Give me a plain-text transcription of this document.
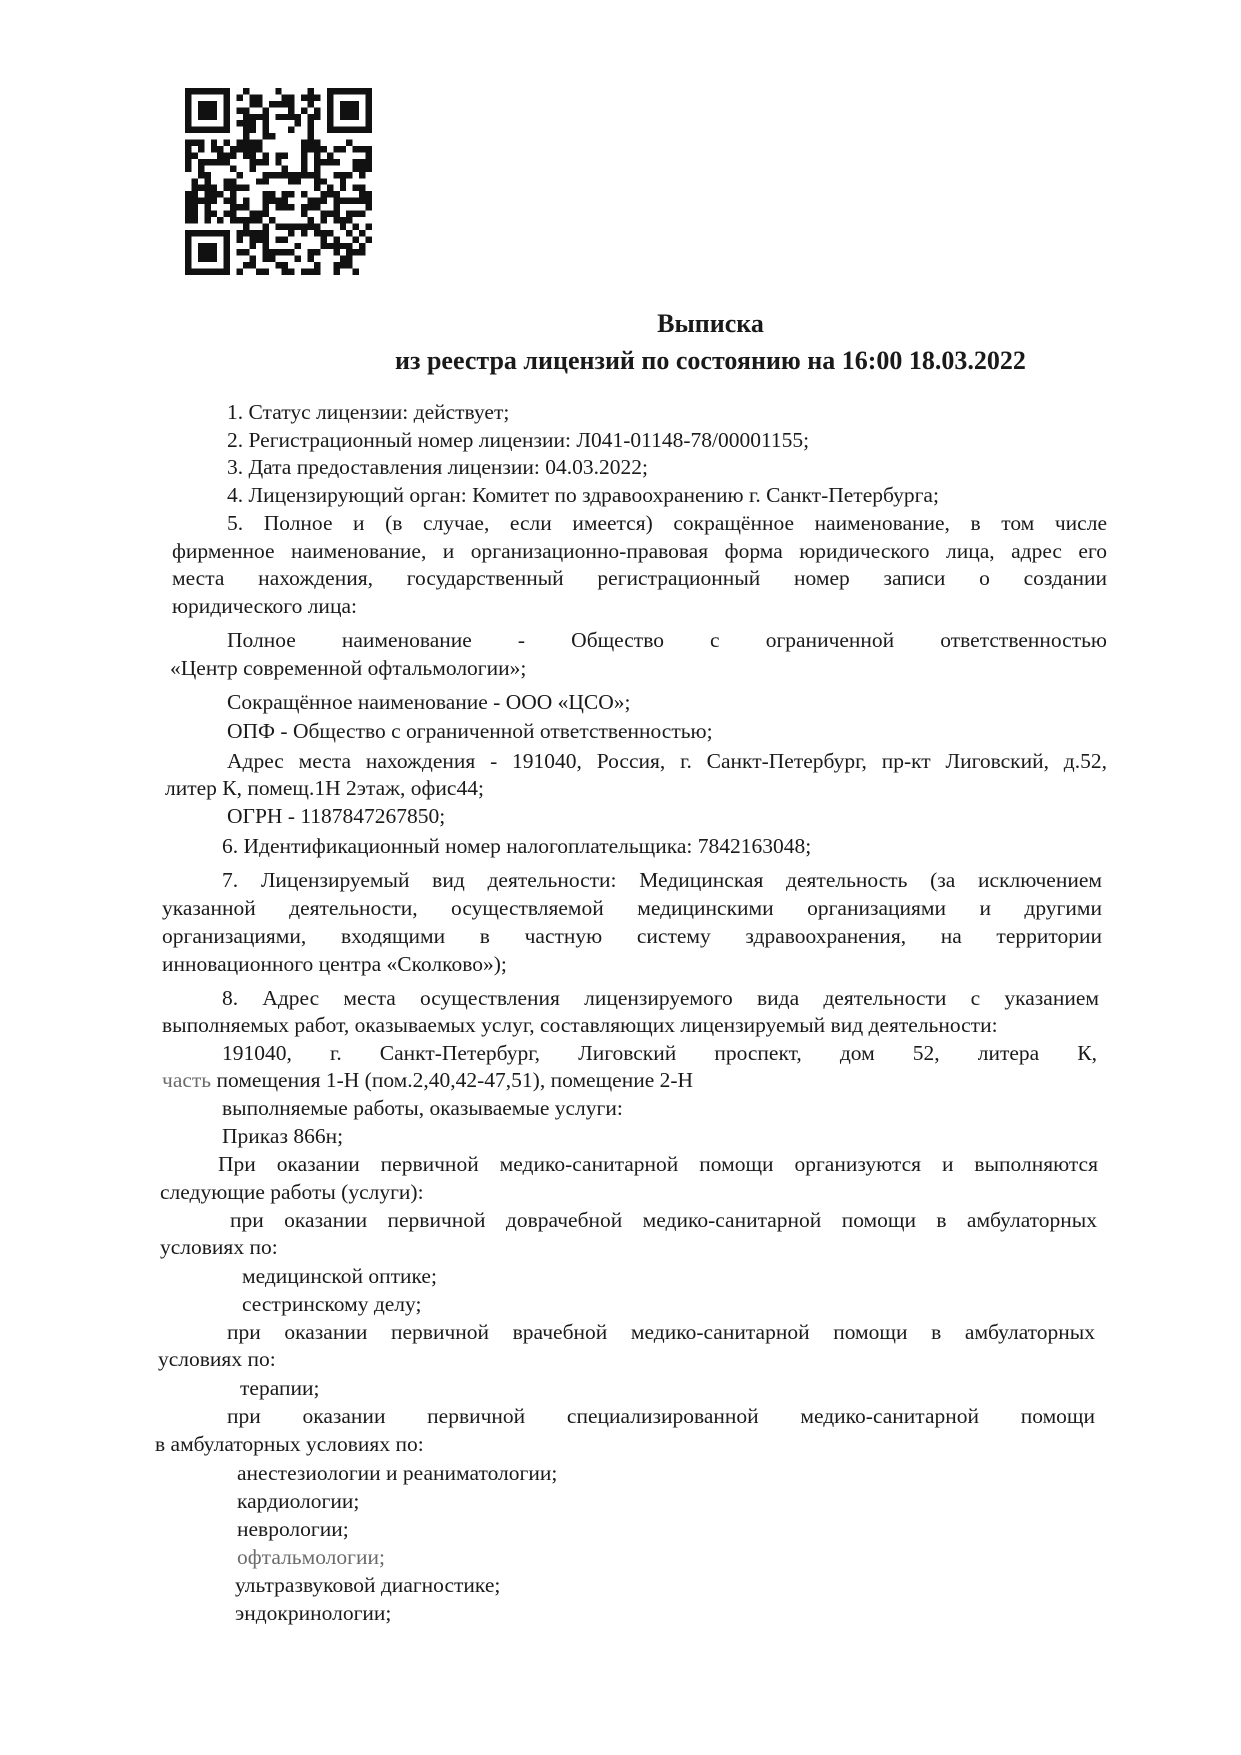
Выписка
из реестра лицензий по состоянию на 16:00 18.03.2022
1. Статус лицензии: действует;
2. Регистрационный номер лицензии: Л041-01148-78/00001155;
3. Дата предоставления лицензии: 04.03.2022;
4. Лицензирующий орган: Комитет по здравоохранению г. Санкт-Петербурга;
5. Полное и (в случае, если имеется) сокращённое наименование, в том числе
фирменное наименование, и организационно-правовая форма юридического лица, адрес его
места нахождения, государственный регистрационный номер записи о создании
юридического лица:
Полное наименование - Общество с ограниченной ответственностью
«Центр современной офтальмологии»;
Сокращённое наименование - ООО «ЦСО»;
ОПФ - Общество с ограниченной ответственностью;
Адрес места нахождения - 191040, Россия, г. Санкт-Петербург, пр-кт Лиговский, д.52,
литер К, помещ.1Н 2этаж, офис44;
ОГРН - 1187847267850;
6. Идентификационный номер налогоплательщика: 7842163048;
7. Лицензируемый вид деятельности: Медицинская деятельность (за исключением
указанной деятельности, осуществляемой медицинскими организациями и другими
организациями, входящими в частную систему здравоохранения, на территории
инновационного центра «Сколково»);
8. Адрес места осуществления лицензируемого вида деятельности с указанием
выполняемых работ, оказываемых услуг, составляющих лицензируемый вид деятельности:
191040, г. Санкт-Петербург, Лиговский проспект, дом 52, литера К,
часть помещения 1-Н (пом.2,40,42-47,51), помещение 2-Н
выполняемые работы, оказываемые услуги:
Приказ 866н;
При оказании первичной медико-санитарной помощи организуются и выполняются
следующие работы (услуги):
при оказании первичной доврачебной медико-санитарной помощи в амбулаторных
условиях по:
медицинской оптике;
сестринскому делу;
при оказании первичной врачебной медико-санитарной помощи в амбулаторных
условиях по:
терапии;
при оказании первичной специализированной медико-санитарной помощи
в амбулаторных условиях по:
анестезиологии и реаниматологии;
кардиологии;
неврологии;
офтальмологии;
ультразвуковой диагностике;
эндокринологии;
